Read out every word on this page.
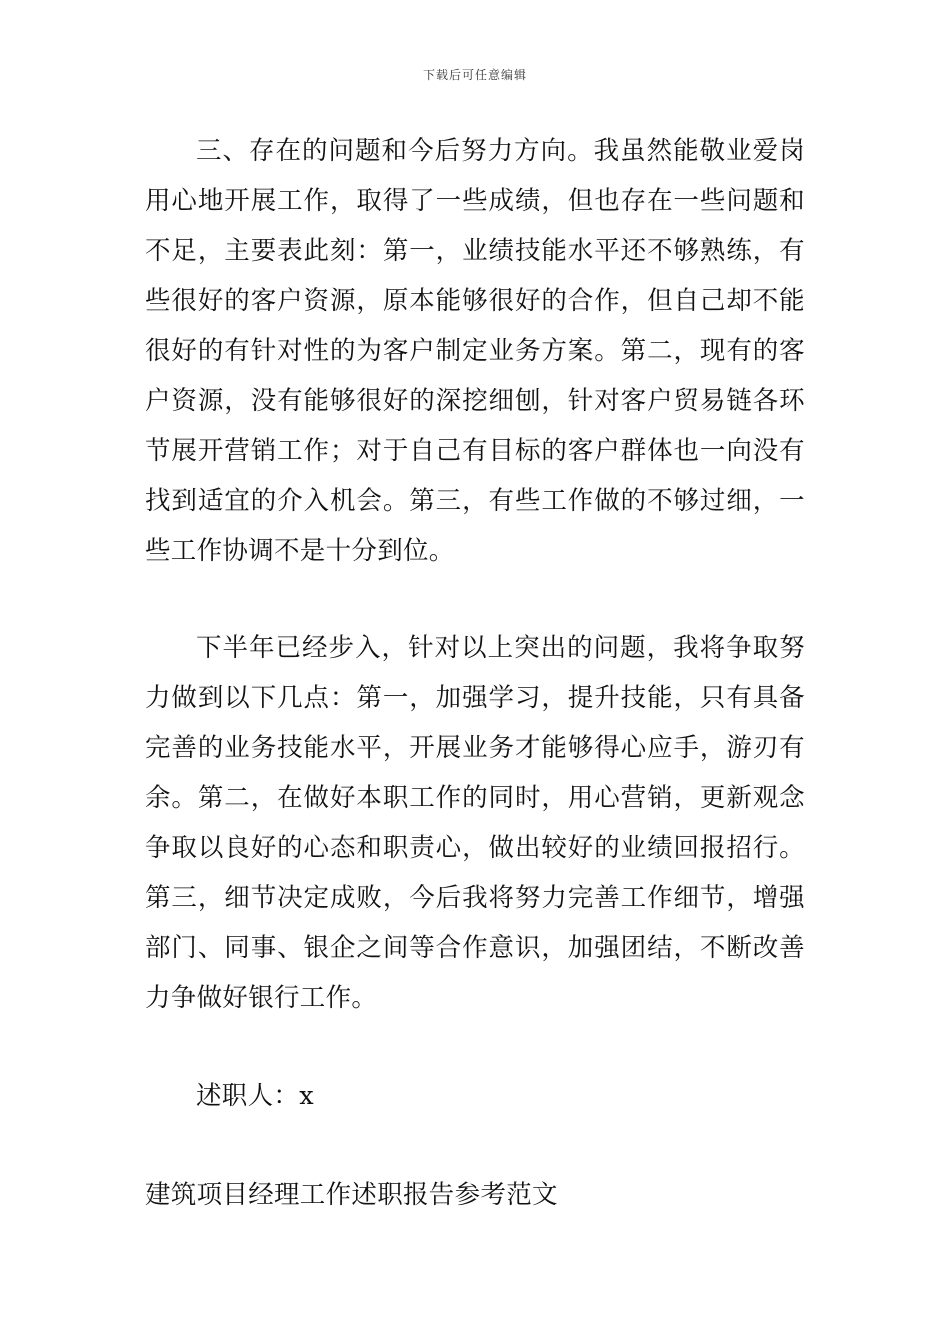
下载后可任意编辑

三、存在的问题和今后努力方向。我虽然能敬业爱岗用心地开展工作，取得了一些成绩，但也存在一些问题和不足，主要表此刻：第一，业绩技能水平还不够熟练，有些很好的客户资源，原本能够很好的合作，但自己却不能很好的有针对性的为客户制定业务方案。第二，现有的客户资源，没有能够很好的深挖细刨，针对客户贸易链各环节展开营销工作；对于自己有目标的客户群体也一向没有找到适宜的介入机会。第三，有些工作做的不够过细，一些工作协调不是十分到位。

下半年已经步入，针对以上突出的问题，我将争取努力做到以下几点：第一，加强学习，提升技能，只有具备完善的业务技能水平，开展业务才能够得心应手，游刃有余。第二，在做好本职工作的同时，用心营销，更新观念争取以良好的心态和职责心，做出较好的业绩回报招行。第三，细节决定成败，今后我将努力完善工作细节，增强部门、同事、银企之间等合作意识，加强团结，不断改善力争做好银行工作。

述职人：x
建筑项目经理工作述职报告参考范文
